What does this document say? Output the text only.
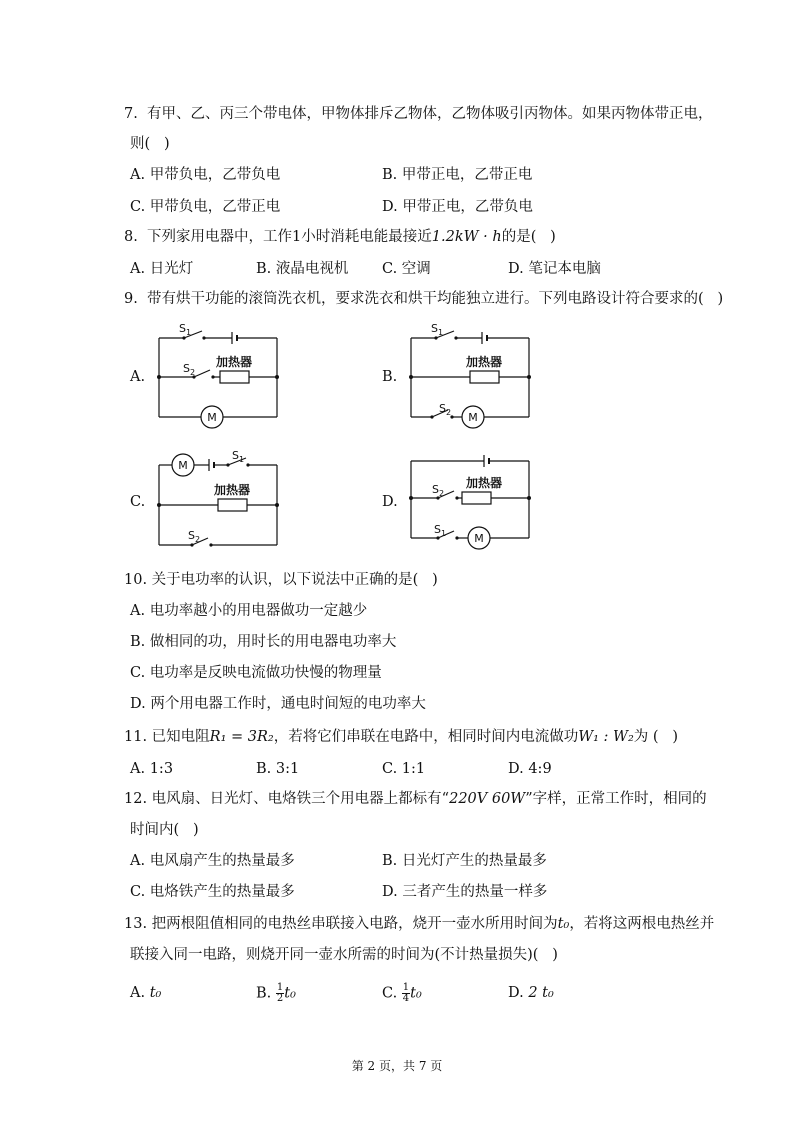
7.  有甲、乙、丙三个带电体，甲物体排斥乙物体，乙物体吸引丙物体。如果丙物体带正电，
则(   )
A. 甲带负电，乙带负电	B. 甲带正电，乙带正电
C. 甲带负电，乙带正电	D. 甲带正电，乙带负电
8.  下列家用电器中，工作1小时消耗电能最接近1.2kW · h的是(   )
A. 日光灯	B. 液晶电视机 C. 空调	D. 笔记本电脑
9.  带有烘干功能的滚筒洗衣机，要求洗衣和烘干均能独立进行。下列电路设计符合要求的(   )
A.
$S_1$
$S_2$
加热器
M
B.
$S_1$
$S_2$
加热器
M
C.
$S_1$
$S_2$
加热器
M
D.
$S_2$
$S_1$
加热器
M
10. 关于电功率的认识，以下说法中正确的是(   )
A. 电功率越小的用电器做功一定越少
B. 做相同的功，用时长的用电器电功率大
C. 电功率是反映电流做功快慢的物理量
D. 两个用电器工作时，通电时间短的电功率大
11. 已知电阻R₁ = 3R₂，若将它们串联在电路中，相同时间内电流做功W₁ : W₂为 (   )
A. 1:3	B. 3:1	C. 1:1	D. 4:9
12. 电风扇、日光灯、电烙铁三个用电器上都标有“220V 60W”字样，正常工作时，相同的
时间内(   )
A. 电风扇产生的热量最多	B. 日光灯产生的热量最多
C. 电烙铁产生的热量最多	D. 三者产生的热量一样多
13. 把两根阻值相同的电热丝串联接入电路，烧开一壶水所用时间为t₀，若将这两根电热丝并
联接入同一电路，则烧开同一壶水所需的时间为(不计热量损失)(   )
A. t₀	B. $\frac{1}{2} t_0$	C. $\frac{1}{4} t_0$	D. 2 t₀
第 2 页，共 7 页
